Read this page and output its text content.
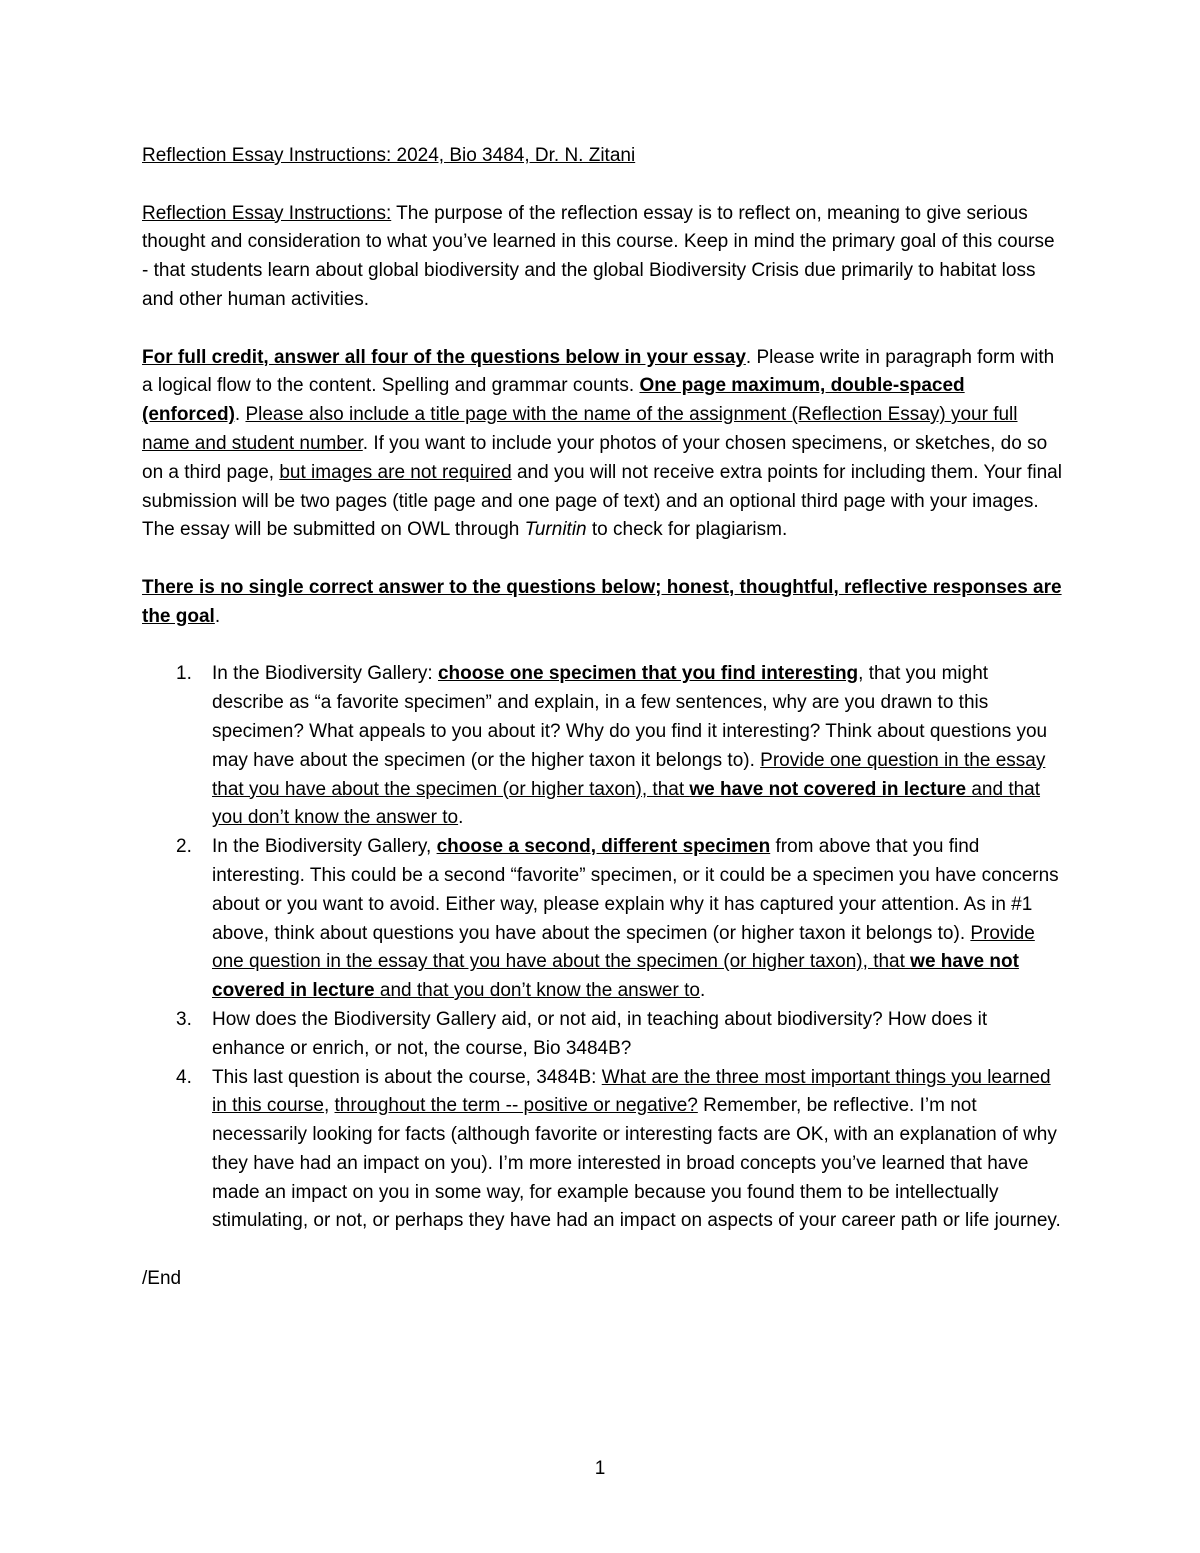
Reflection Essay Instructions: 2024, Bio 3484, Dr. N. Zitani

Reflection Essay Instructions: The purpose of the reflection essay is to reflect on, meaning to give serious thought and consideration to what you’ve learned in this course. Keep in mind the primary goal of this course - that students learn about global biodiversity and the global Biodiversity Crisis due primarily to habitat loss and other human activities.

For full credit, answer all four of the questions below in your essay. Please write in paragraph form with a logical flow to the content. Spelling and grammar counts. One page maximum, double-spaced (enforced). Please also include a title page with the name of the assignment (Reflection Essay) your full name and student number. If you want to include your photos of your chosen specimens, or sketches, do so on a third page, but images are not required and you will not receive extra points for including them. Your final submission will be two pages (title page and one page of text) and an optional third page with your images. The essay will be submitted on OWL through Turnitin to check for plagiarism.

There is no single correct answer to the questions below; honest, thoughtful, reflective responses are the goal.

1. In the Biodiversity Gallery: choose one specimen that you find interesting, that you might describe as “a favorite specimen” and explain, in a few sentences, why are you drawn to this specimen? What appeals to you about it? Why do you find it interesting? Think about questions you may have about the specimen (or the higher taxon it belongs to). Provide one question in the essay that you have about the specimen (or higher taxon), that we have not covered in lecture and that you don’t know the answer to.
2. In the Biodiversity Gallery, choose a second, different specimen from above that you find interesting. This could be a second “favorite” specimen, or it could be a specimen you have concerns about or you want to avoid. Either way, please explain why it has captured your attention. As in #1 above, think about questions you have about the specimen (or higher taxon it belongs to). Provide one question in the essay that you have about the specimen (or higher taxon), that we have not covered in lecture and that you don’t know the answer to.
3. How does the Biodiversity Gallery aid, or not aid, in teaching about biodiversity? How does it enhance or enrich, or not, the course, Bio 3484B?
4. This last question is about the course, 3484B: What are the three most important things you learned in this course, throughout the term -- positive or negative? Remember, be reflective. I’m not necessarily looking for facts (although favorite or interesting facts are OK, with an explanation of why they have had an impact on you). I’m more interested in broad concepts you’ve learned that have made an impact on you in some way, for example because you found them to be intellectually stimulating, or not, or perhaps they have had an impact on aspects of your career path or life journey.

/End

1
